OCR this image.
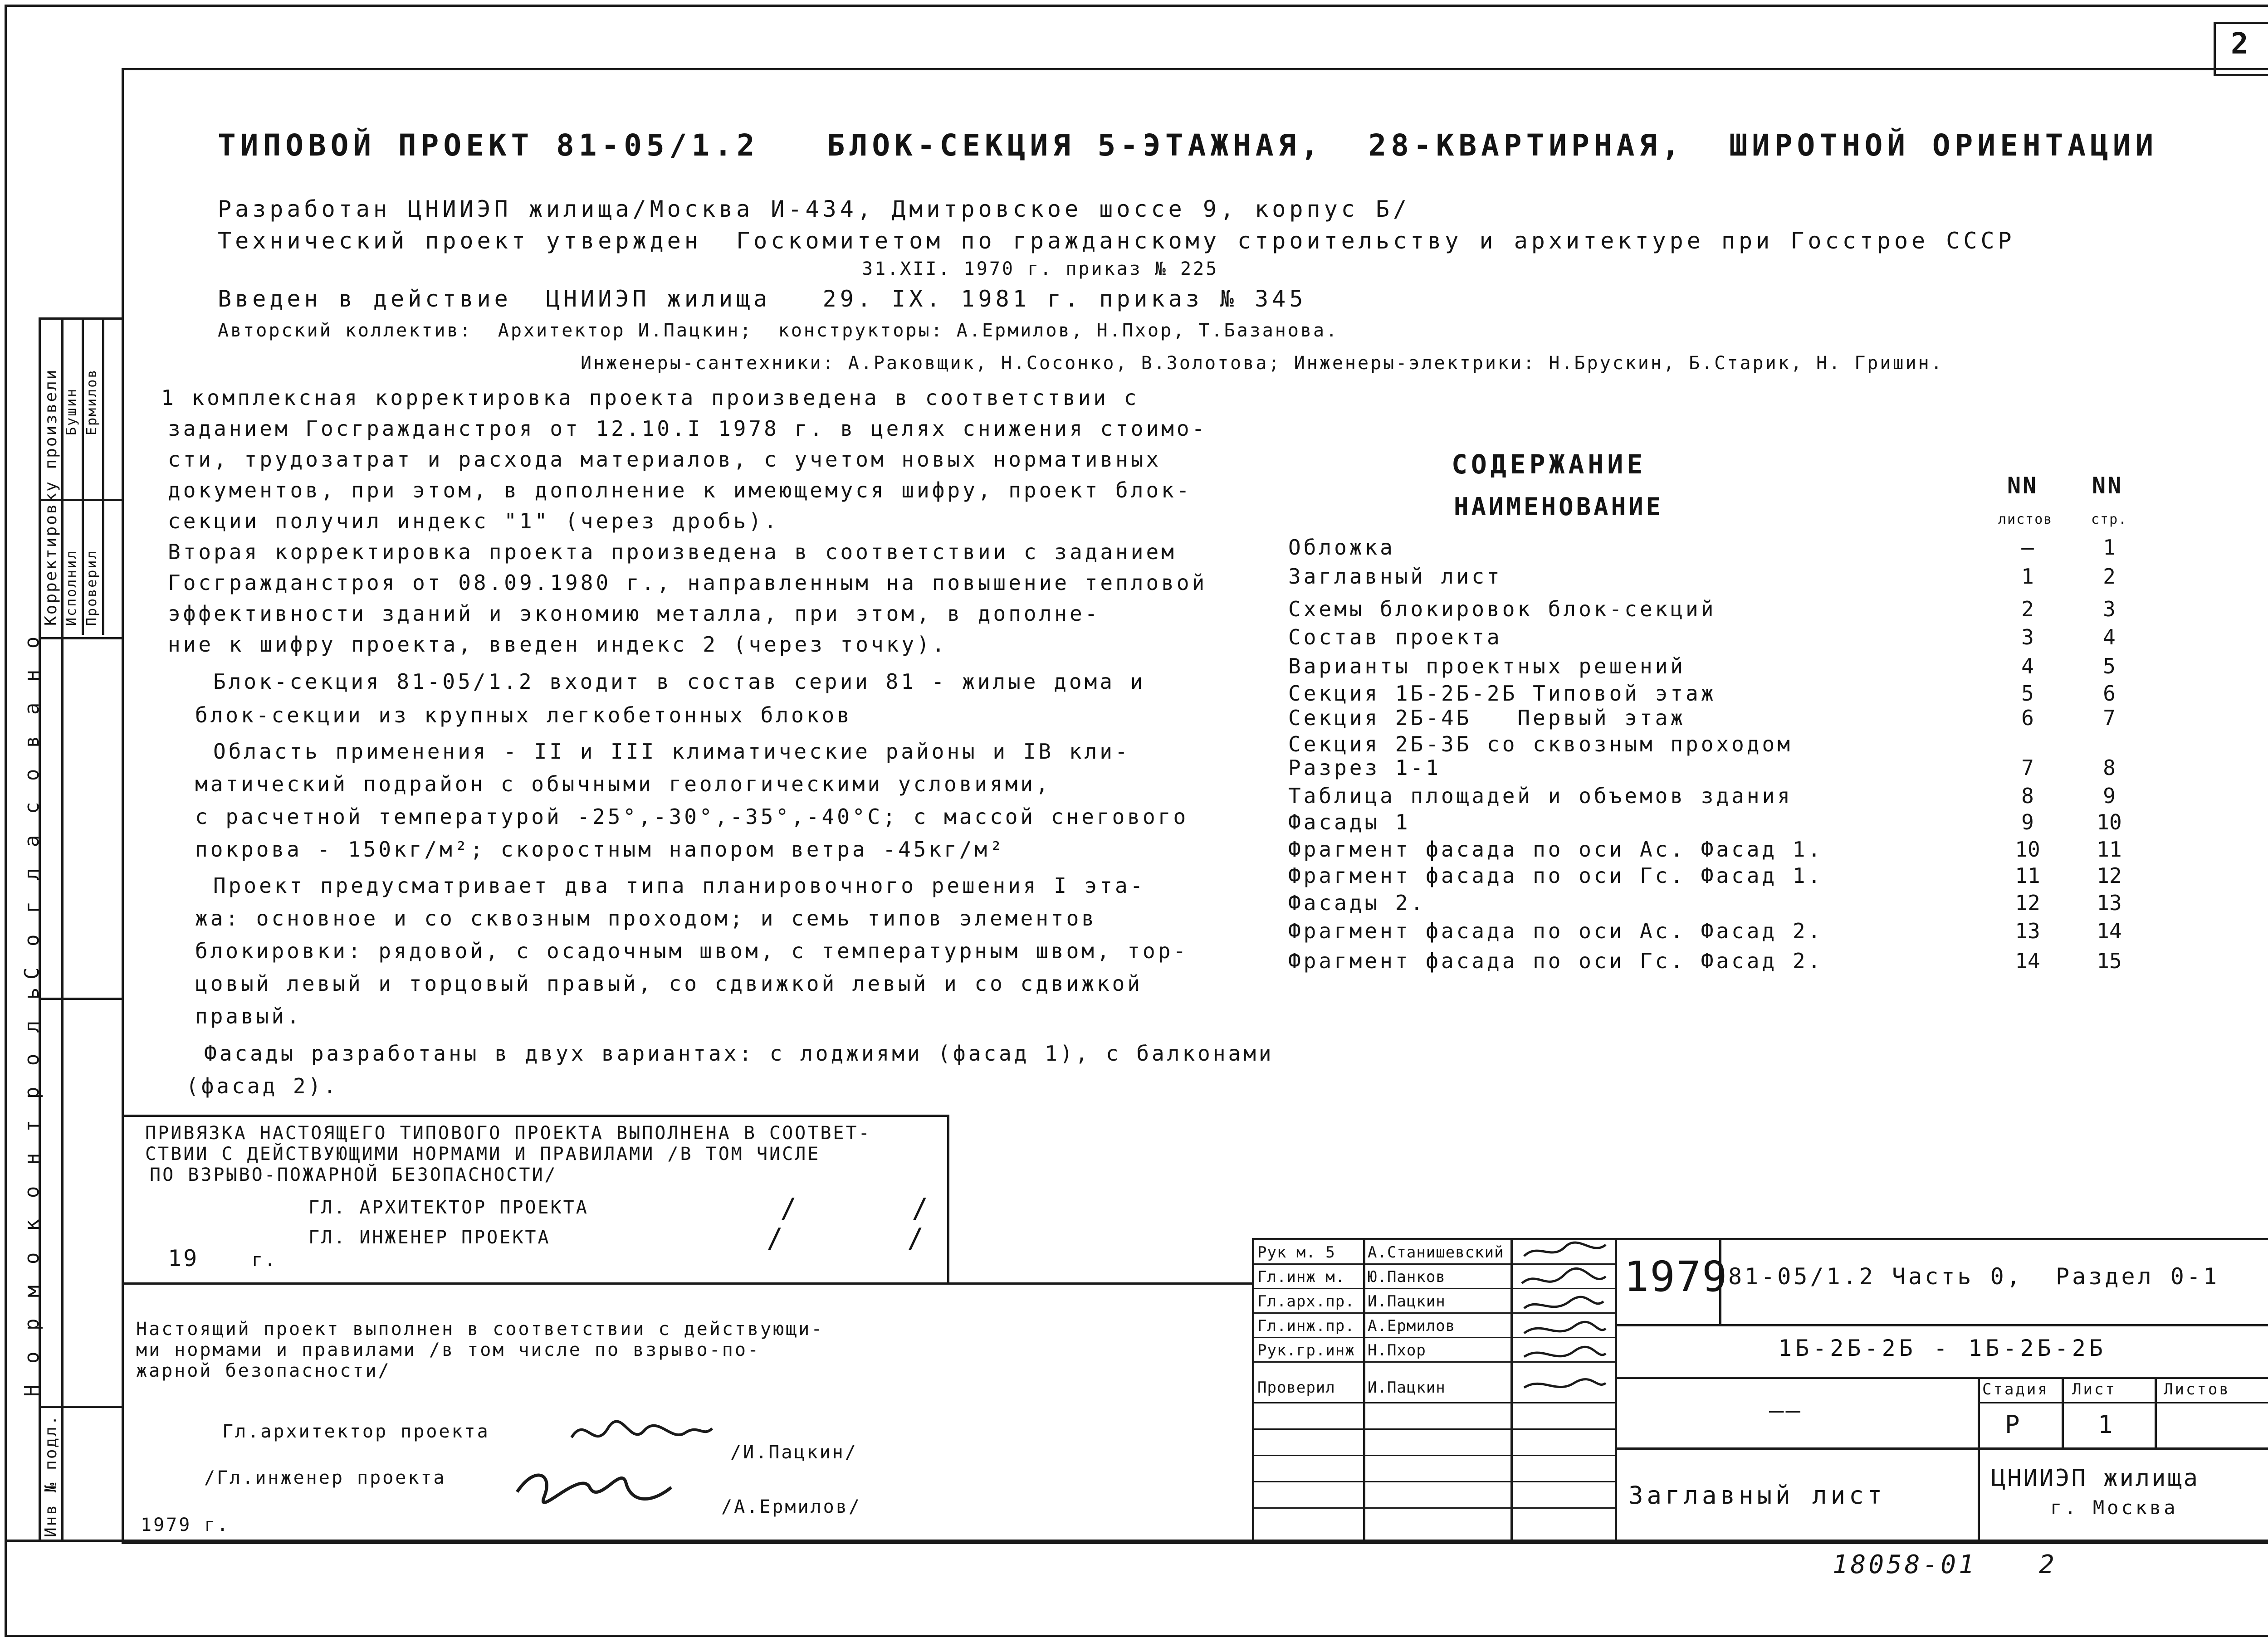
2
Корректировку произвели Исполнил Проверил
Бушин Ермилов
С о г л а с о в а н о
Н о р м о к о н т р о л ь
Инв № подл.
ТИПОВОЙ ПРОЕКТ 81-05/1.2   БЛОК-СЕКЦИЯ 5-ЭТАЖНАЯ,  28-КВАРТИРНАЯ,  ШИРОТНОЙ ОРИЕНТАЦИИ
Разработан ЦНИИЭП жилища/Москва И-434, Дмитровское шоссе 9, корпус Б/
Технический проект утвержден  Госкомитетом по гражданскому строительству и архитектуре при Госстрое СССР
31.XII. 1970 г. приказ № 225
Введен в действие  ЦНИИЭП жилища   29. IX. 1981 г. приказ № 345
Авторский коллектив:  Архитектор И.Пацкин;  конструкторы: А.Ермилов, Н.Пхор, Т.Базанова.
Инженеры-сантехники: А.Раковщик, Н.Сосонко, В.Золотова; Инженеры-электрики: Н.Брускин, Б.Старик, Н. Гришин.
1 комплексная корректировка проекта произведена в соответствии с
заданием Госгражданстроя от 12.10.I 1978 г. в целях снижения стоимо-
сти, трудозатрат и расхода материалов, с учетом новых нормативных
документов, при этом, в дополнение к имеющемуся шифру, проект блок-
секции получил индекс "1" (через дробь).
Вторая корректировка проекта произведена в соответствии с заданием
Госгражданстроя от 08.09.1980 г., направленным на повышение тепловой
эффективности зданий и экономию металла, при этом, в дополне-
ние к шифру проекта, введен индекс 2 (через точку).
Блок-секция 81-05/1.2 входит в состав серии 81 - жилые дома и
блок-секции из крупных легкобетонных блоков
Область применения - II и III климатические районы и IВ кли-
матический подрайон с обычными геологическими условиями,
с расчетной температурой -25°,-30°,-35°,-40°С; с массой снегового
покрова - 150кг/м²; скоростным напором ветра -45кг/м²
Проект предусматривает два типа планировочного решения I эта-
жа: основное и со сквозным проходом; и семь типов элементов
блокировки: рядовой, с осадочным швом, с температурным швом, тор-
цовый левый и торцовый правый, со сдвижкой левый и со сдвижкой
правый.
Фасады разработаны в двух вариантах: с лоджиями (фасад 1), с балконами
(фасад 2).
СОДЕРЖАНИЕ
НАИМЕНОВАНИЕ
NN
листов
NN
стр.
Обложка	—	1
Заглавный лист	1	2
Схемы блокировок блок-секций	2	3
Состав проекта	3	4
Варианты проектных решений	4	5
Секция 1Б-2Б-2Б Типовой этаж	5	6
Секция 2Б-4Б   Первый этаж	6	7
Секция 2Б-3Б со сквозным проходом
Разрез 1-1	7	8
Таблица площадей и объемов здания	8	9
Фасады 1	9	10
Фрагмент фасада по оси Ас. Фасад 1.	10	11
Фрагмент фасада по оси Гс. Фасад 1.	11	12
Фасады 2.	12	13
Фрагмент фасада по оси Ас. Фасад 2.	13	14
Фрагмент фасада по оси Гс. Фасад 2.	14	15
ПРИВЯЗКА НАСТОЯЩЕГО ТИПОВОГО ПРОЕКТА ВЫПОЛНЕНА В СООТВЕТ-
СТВИИ С ДЕЙСТВУЮЩИМИ НОРМАМИ И ПРАВИЛАМИ /В ТОМ ЧИСЛЕ
ПО ВЗРЫВО-ПОЖАРНОЙ БЕЗОПАСНОСТИ/
ГЛ. АРХИТЕКТОР ПРОЕКТА
ГЛ. ИНЖЕНЕР ПРОЕКТА
/	/
/	/
19	г.
Настоящий проект выполнен в соответствии с действующи-
ми нормами и правилами /в том числе по взрыво-по-
жарной безопасности/
Гл.архитектор проекта
/И.Пацкин/
/Гл.инженер проекта
/А.Ермилов/
1979 г.
Рук м. 5 А.Станишевский
Гл.инж м. Ю.Панков
Гл.арх.пр. И.Пацкин
Гл.инж.пр. А.Ермилов
Рук.гр.инж Н.Пхор
Проверил И.Пацкин
1979 81-05/1.2 Часть 0,  Раздел 0-1
1Б-2Б-2Б - 1Б-2Б-2Б
Стадия Лист	Листов
Р	1
——
Заглавный лист
ЦНИИЭП жилища
г. Москва
18058-01 2
